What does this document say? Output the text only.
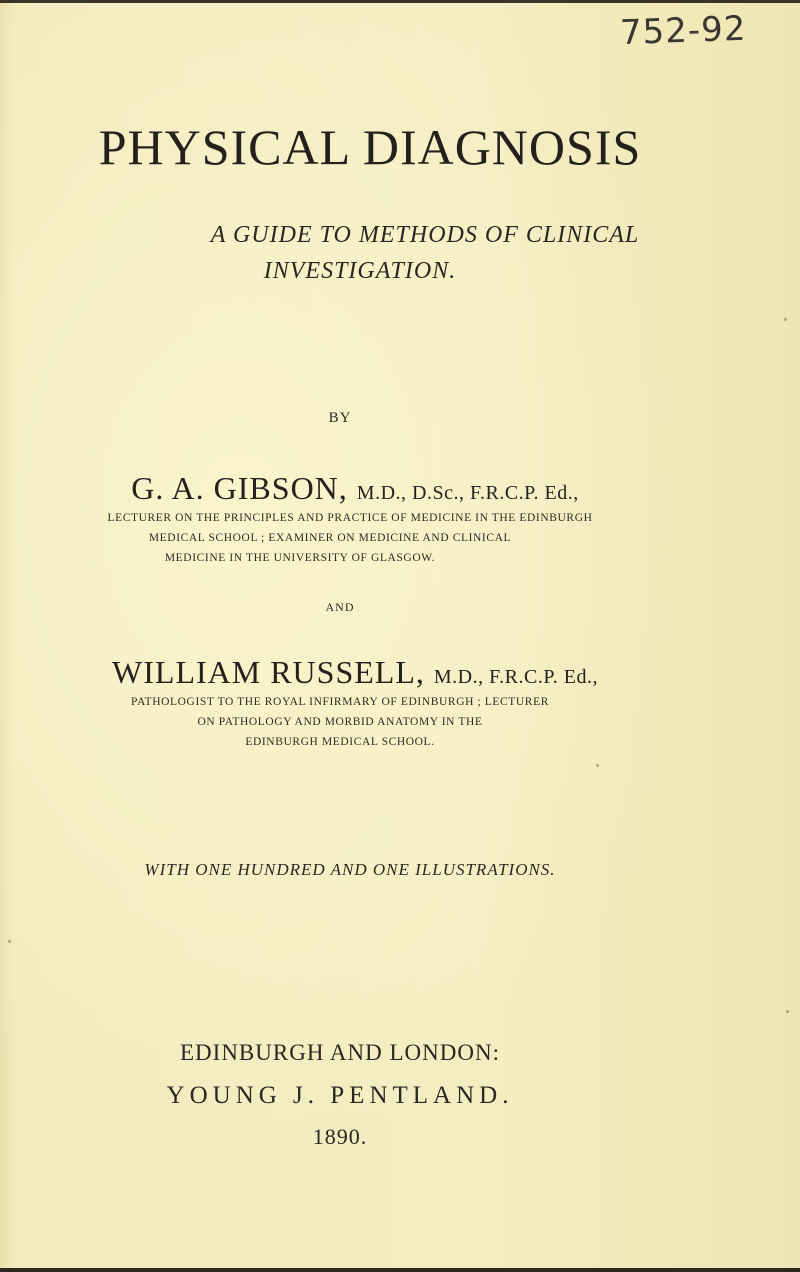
752-92
PHYSICAL DIAGNOSIS
A GUIDE TO METHODS OF CLINICAL
INVESTIGATION.
BY
G. A. GIBSON, M.D., D.Sc., F.R.C.P. Ed.,
LECTURER ON THE PRINCIPLES AND PRACTICE OF MEDICINE IN THE EDINBURGH
MEDICAL SCHOOL ; EXAMINER ON MEDICINE AND CLINICAL
MEDICINE IN THE UNIVERSITY OF GLASGOW.
AND
WILLIAM RUSSELL, M.D., F.R.C.P. Ed.,
PATHOLOGIST TO THE ROYAL INFIRMARY OF EDINBURGH ; LECTURER
ON PATHOLOGY AND MORBID ANATOMY IN THE
EDINBURGH MEDICAL SCHOOL.
WITH ONE HUNDRED AND ONE ILLUSTRATIONS.
EDINBURGH AND LONDON:
YOUNG J. PENTLAND.
1890.
